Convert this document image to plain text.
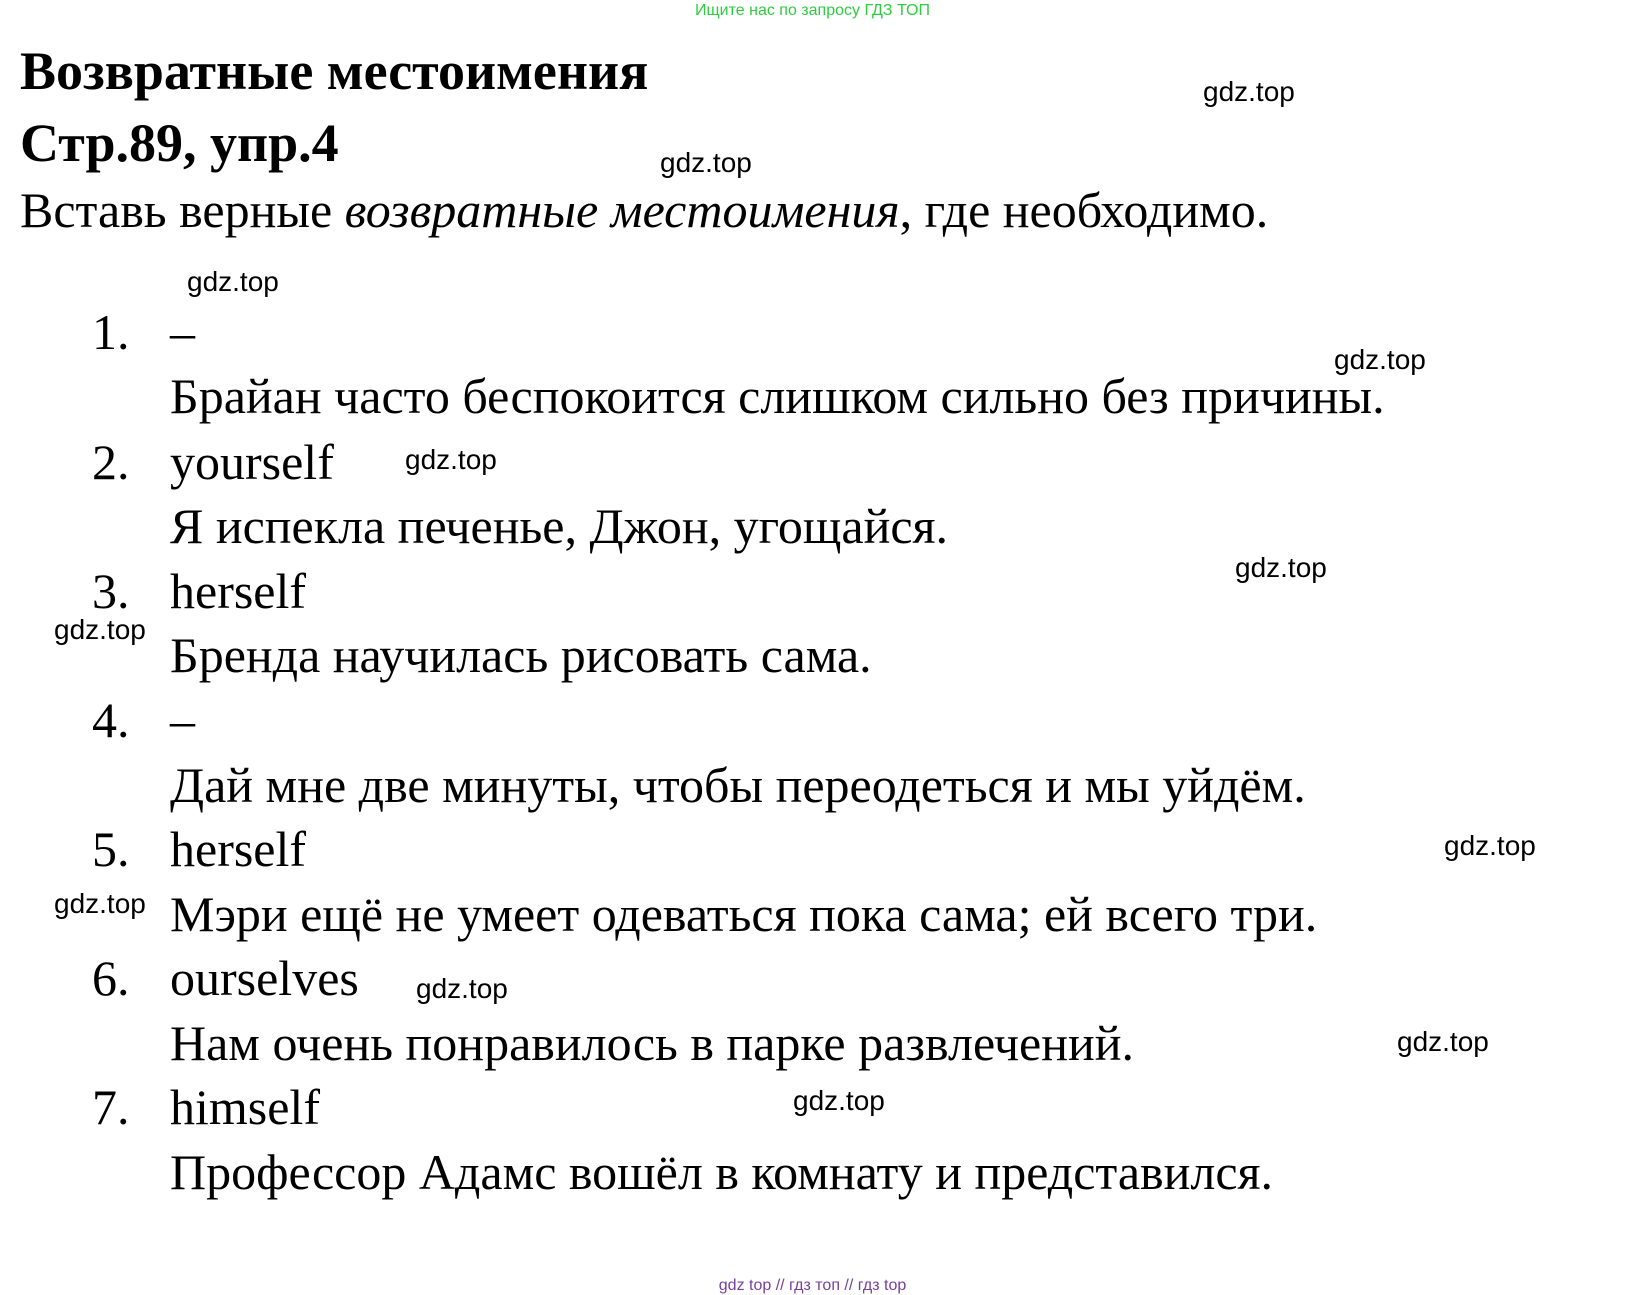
Ищите нас по запросу ГДЗ ТОП
Возвратные местоимения
Стр.89, упр.4
Вставь верные возвратные местоимения, где необходимо.
1. –
Брайан часто беспокоится слишком сильно без причины.
2. yourself
Я испекла печенье, Джон, угощайся.
3. herself
Бренда научилась рисовать сама.
4. –
Дай мне две минуты, чтобы переодеться и мы уйдём.
5. herself
Мэри ещё не умеет одеваться пока сама; ей всего три.
6. ourselves
Нам очень понравилось в парке развлечений.
7. himself
Профессор Адамс вошёл в комнату и представился.
gdz.top
gdz.top
gdz.top
gdz.top
gdz.top
gdz.top
gdz.top
gdz.top
gdz.top
gdz.top
gdz.top
gdz.top
gdz top // гдз топ // гдз top
